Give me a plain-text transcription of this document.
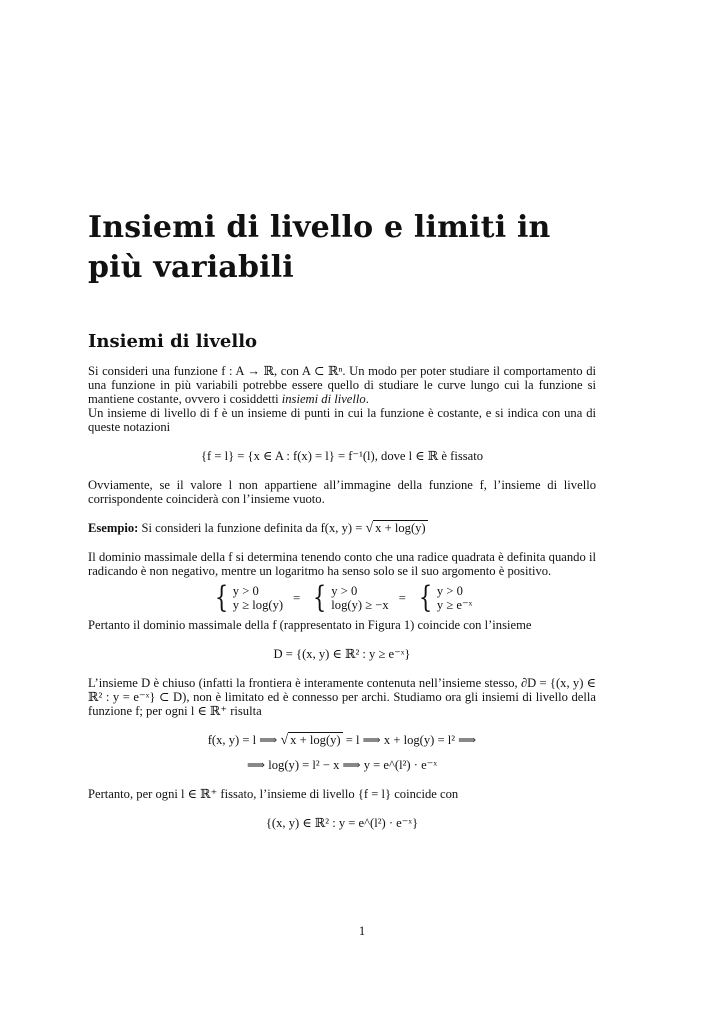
Insiemi di livello e limiti in più variabili
Insiemi di livello

Si consideri una funzione f : A → ℝ, con A ⊂ ℝⁿ. Un modo per poter studiare il comportamento di una funzione in più variabili potrebbe essere quello di studiare le curve lungo cui la funzione si mantiene costante, ovvero i cosiddetti insiemi di livello.

Un insieme di livello di f è un insieme di punti in cui la funzione è costante, e si indica con una di queste notazioni

{f = l} = {x ∈ A : f(x) = l} = f⁻¹(l), dove l ∈ ℝ è fissato

Ovviamente, se il valore l non appartiene all’immagine della funzione f, l’insieme di livello corrispondente coinciderà con l’insieme vuoto.

Esempio: Si consideri la funzione definita da f(x, y) = √ x + log(y)

Il dominio massimale della f si determina tenendo conto che una radice quadrata è definita quando il radicando è non negativo, mentre un logaritmo ha senso solo se il suo argomento è positivo.

{ y > 0
y ≥ log(y)
= { y > 0
log(y) ≥ −x
= { y > 0
y ≥ e⁻ˣ

Pertanto il dominio massimale della f (rappresentato in Figura 1) coincide con l’insieme

D = {(x, y) ∈ ℝ² : y ≥ e⁻ˣ}

L’insieme D è chiuso (infatti la frontiera è interamente contenuta nell’insieme stesso, ∂D = {(x, y) ∈ ℝ² : y = e⁻ˣ} ⊂ D), non è limitato ed è connesso per archi. Studiamo ora gli insiemi di livello della funzione f; per ogni l ∈ ℝ⁺ risulta

f(x, y) = l ⟹ √ x + log(y) = l ⟹ x + log(y) = l² ⟹
⟹ log(y) = l² − x ⟹ y = e^(l²) · e⁻ˣ

Pertanto, per ogni l ∈ ℝ⁺ fissato, l’insieme di livello {f = l} coincide con

{(x, y) ∈ ℝ² : y = e^(l²) · e⁻ˣ}
1
